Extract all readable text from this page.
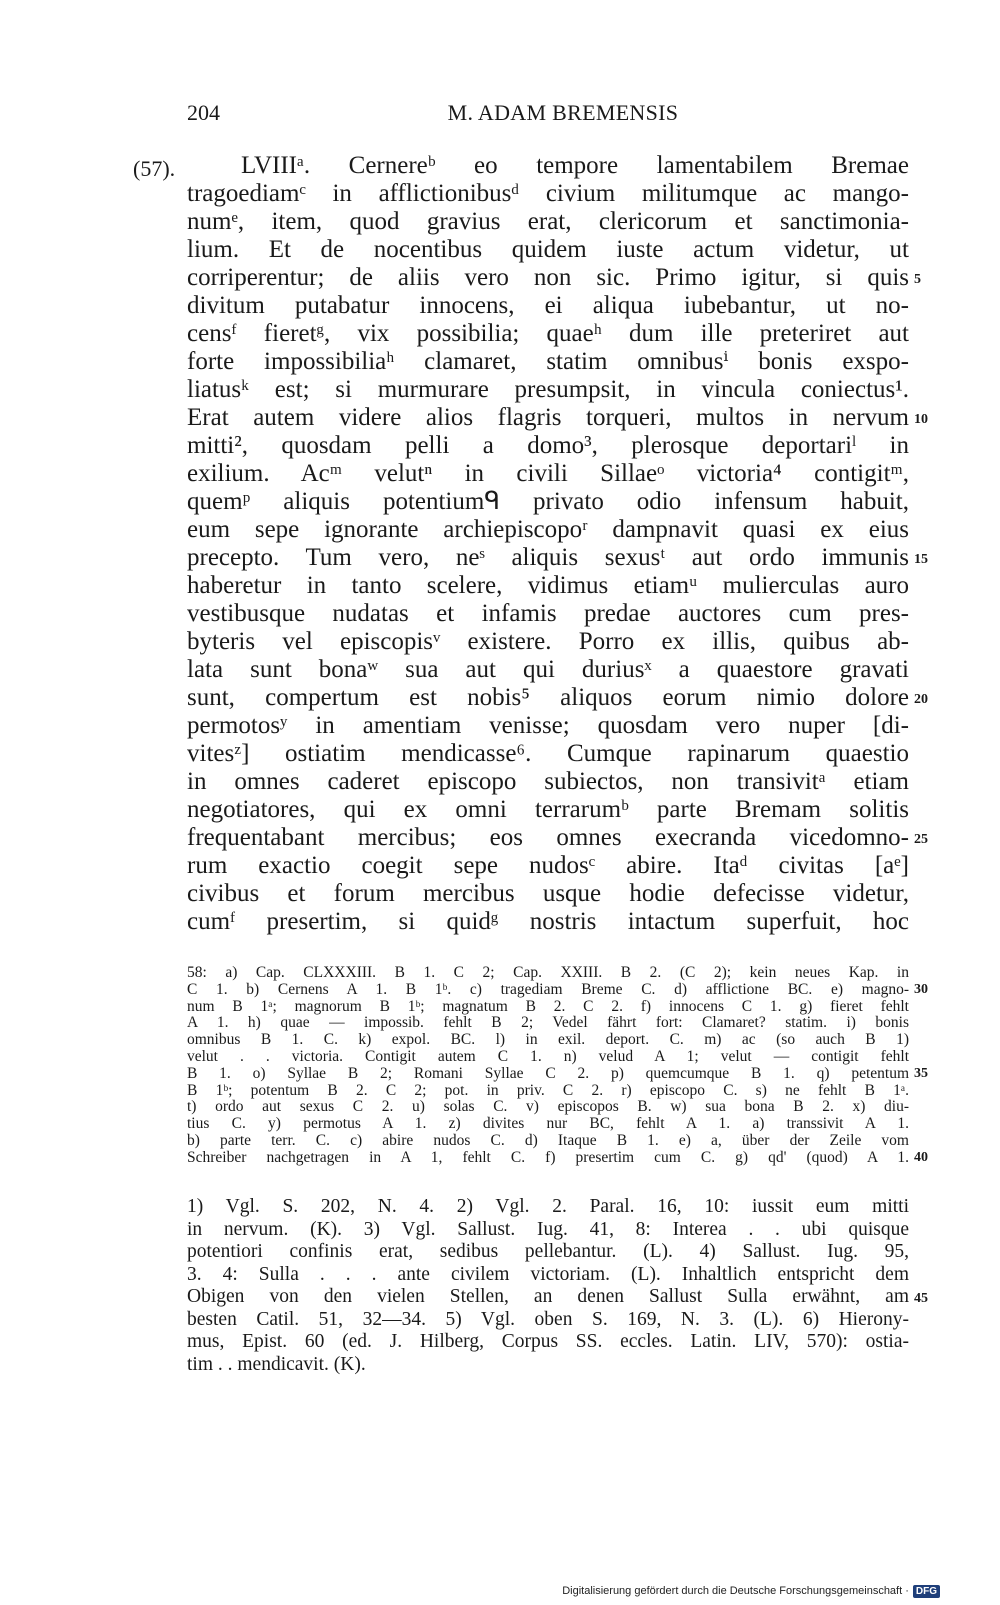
204	M. ADAM BREMENSIS
(57).	LVIIIᵃ. Cernereᵇ eo tempore lamentabilem Bremae
tragoediamᶜ in afflictionibusᵈ civium militumque ac mango-
numᵉ, item, quod gravius erat, clericorum et sanctimonia-
lium. Et de nocentibus quidem iuste actum videtur, ut
corriperentur; de aliis vero non sic. Primo igitur, si quis 5
divitum putabatur innocens, ei aliqua iubebantur, ut no-
censᶠ fieretᵍ, vix possibilia; quaeʰ dum ille preteriret aut
forte impossibiliaʰ clamaret, statim omnibusⁱ bonis exspo-
liatusᵏ est; si murmurare presumpsit, in vincula coniectus¹.
Erat autem videre alios flagris torqueri, multos in nervum 10
mitti², quosdam pelli a domo³, plerosque deportariˡ in
exilium. Acᵐ velutⁿ in civili Sillaeᵒ victoria⁴ contigitᵐ,
quemᵖ aliquis potentiumᑫ privato odio infensum habuit,
eum sepe ignorante archiepiscopoʳ dampnavit quasi ex eius
precepto. Tum vero, neˢ aliquis sexusᵗ aut ordo immunis 15
haberetur in tanto scelere, vidimus etiamᵘ mulierculas auro
vestibusque nudatas et infamis predae auctores cum pres-
byteris vel episcopisᵛ existere. Porro ex illis, quibus ab-
lata sunt bonaʷ sua aut qui duriusˣ a quaestore gravati
sunt, compertum est nobis⁵ aliquos eorum nimio dolore 20
permotosʸ in amentiam venisse; quosdam vero nuper [di-
vitesᶻ] ostiatim mendicasse⁶. Cumque rapinarum quaestio
in omnes caderet episcopo subiectos, non transivitᵃ etiam
negotiatores, qui ex omni terrarumᵇ parte Bremam solitis
frequentabant mercibus; eos omnes execranda vicedomno- 25
rum exactio coegit sepe nudosᶜ abire. Itaᵈ civitas [aᵉ]
civibus et forum mercibus usque hodie defecisse videtur,
cumᶠ presertim, si quidᵍ nostris intactum superfuit, hoc
58: a) Cap. CLXXXIII. B 1. C 2; Cap. XXIII. B 2. (C 2); kein neues Kap. in
C 1. b) Cernens A 1. B 1ᵇ. c) tragediam Breme C. d) afflictione BC. e) magno- 30
num B 1ᵃ; magnorum B 1ᵇ; magnatum B 2. C 2. f) innocens C 1. g) fieret fehlt
A 1. h) quae — impossib. fehlt B 2; Vedel fährt fort: Clamaret? statim. i) bonis
omnibus B 1. C. k) expol. BC. l) in exil. deport. C. m) ac (so auch B 1)
velut . . victoria. Contigit autem C 1. n) velud A 1; velut — contigit fehlt
B 1. o) Syllae B 2; Romani Syllae C 2. p) quemcumque B 1. q) petentum 35
B 1ᵇ; potentum B 2. C 2; pot. in priv. C 2. r) episcopo C. s) ne fehlt B 1ᵃ.
t) ordo aut sexus C 2. u) solas C. v) episcopos B. w) sua bona B 2. x) diu-
tius C. y) permotus A 1. z) divites nur BC, fehlt A 1. a) transsivit A 1.
b) parte terr. C. c) abire nudos C. d) Itaque B 1. e) a, über der Zeile vom
Schreiber nachgetragen in A 1, fehlt C. f) presertim cum C. g) qd' (quod) A 1. 40
1) Vgl. S. 202, N. 4. 2) Vgl. 2. Paral. 16, 10: iussit eum mitti
in nervum. (K). 3) Vgl. Sallust. Iug. 41, 8: Interea . . ubi quisque
potentiori confinis erat, sedibus pellebantur. (L). 4) Sallust. Iug. 95,
3. 4: Sulla . . . ante civilem victoriam. (L). Inhaltlich entspricht dem
Obigen von den vielen Stellen, an denen Sallust Sulla erwähnt, am 45
besten Catil. 51, 32—34. 5) Vgl. oben S. 169, N. 3. (L). 6) Hierony-
mus, Epist. 60 (ed. J. Hilberg, Corpus SS. eccles. Latin. LIV, 570): ostia-
tim . . mendicavit. (K).
Digitalisierung gefördert durch die Deutsche Forschungsgemeinschaft · DFG
